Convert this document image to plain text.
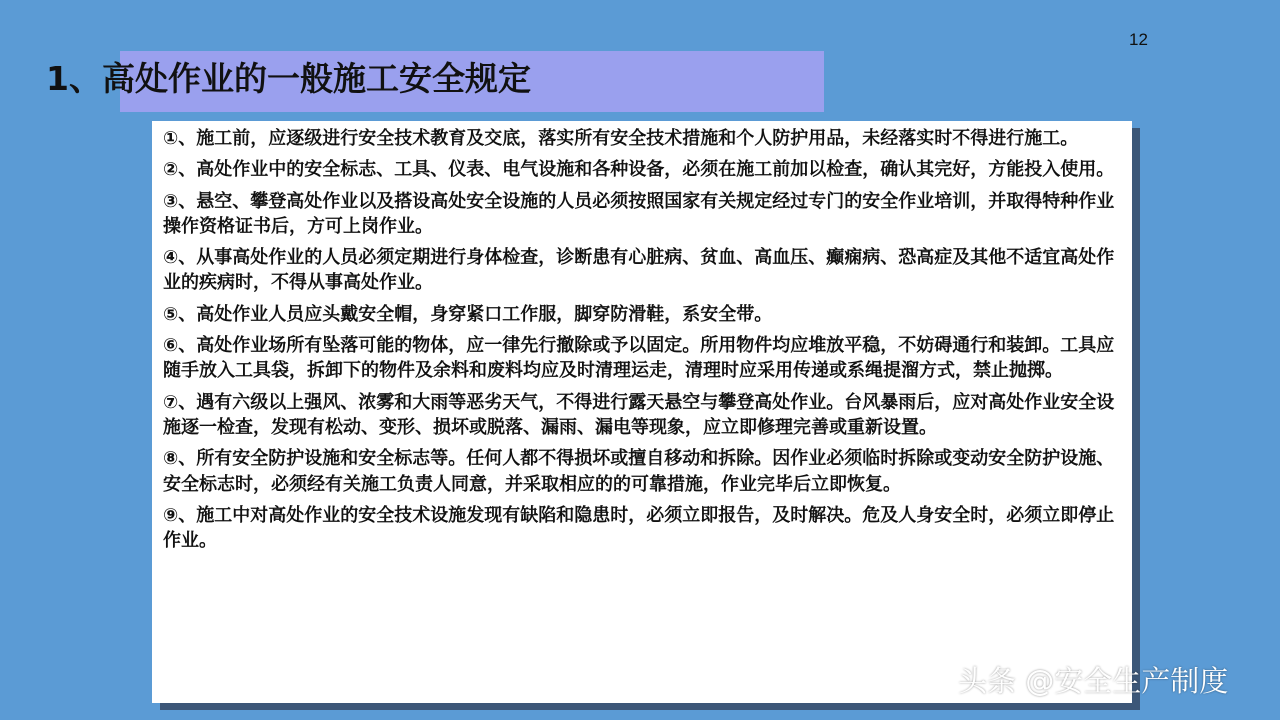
12
1、高处作业的一般施工安全规定

①、施工前，应逐级进行安全技术教育及交底，落实所有安全技术措施和个人防护用品，未经落实时不得进行施工。

②、高处作业中的安全标志、工具、仪表、电气设施和各种设备，必须在施工前加以检查，确认其完好，方能投入使用。

③、悬空、攀登高处作业以及搭设高处安全设施的人员必须按照国家有关规定经过专门的安全作业培训，并取得特种作业操作资格证书后，方可上岗作业。

④、从事高处作业的人员必须定期进行身体检查，诊断患有心脏病、贫血、高血压、癫痫病、恐高症及其他不适宜高处作业的疾病时，不得从事高处作业。

⑤、高处作业人员应头戴安全帽，身穿紧口工作服，脚穿防滑鞋，系安全带。

⑥、高处作业场所有坠落可能的物体，应一律先行撤除或予以固定。所用物件均应堆放平稳，不妨碍通行和装卸。工具应随手放入工具袋，拆卸下的物件及余料和废料均应及时清理运走，清理时应采用传递或系绳提溜方式，禁止抛掷。

⑦、遇有六级以上强风、浓雾和大雨等恶劣天气，不得进行露天悬空与攀登高处作业。台风暴雨后，应对高处作业安全设施逐一检查，发现有松动、变形、损坏或脱落、漏雨、漏电等现象，应立即修理完善或重新设置。

⑧、所有安全防护设施和安全标志等。任何人都不得损坏或擅自移动和拆除。因作业必须临时拆除或变动安全防护设施、安全标志时，必须经有关施工负责人同意，并采取相应的的可靠措施，作业完毕后立即恢复。

⑨、施工中对高处作业的安全技术设施发现有缺陷和隐患时，必须立即报告，及时解决。危及人身安全时，必须立即停止作业。

头条 @安全生产制度
